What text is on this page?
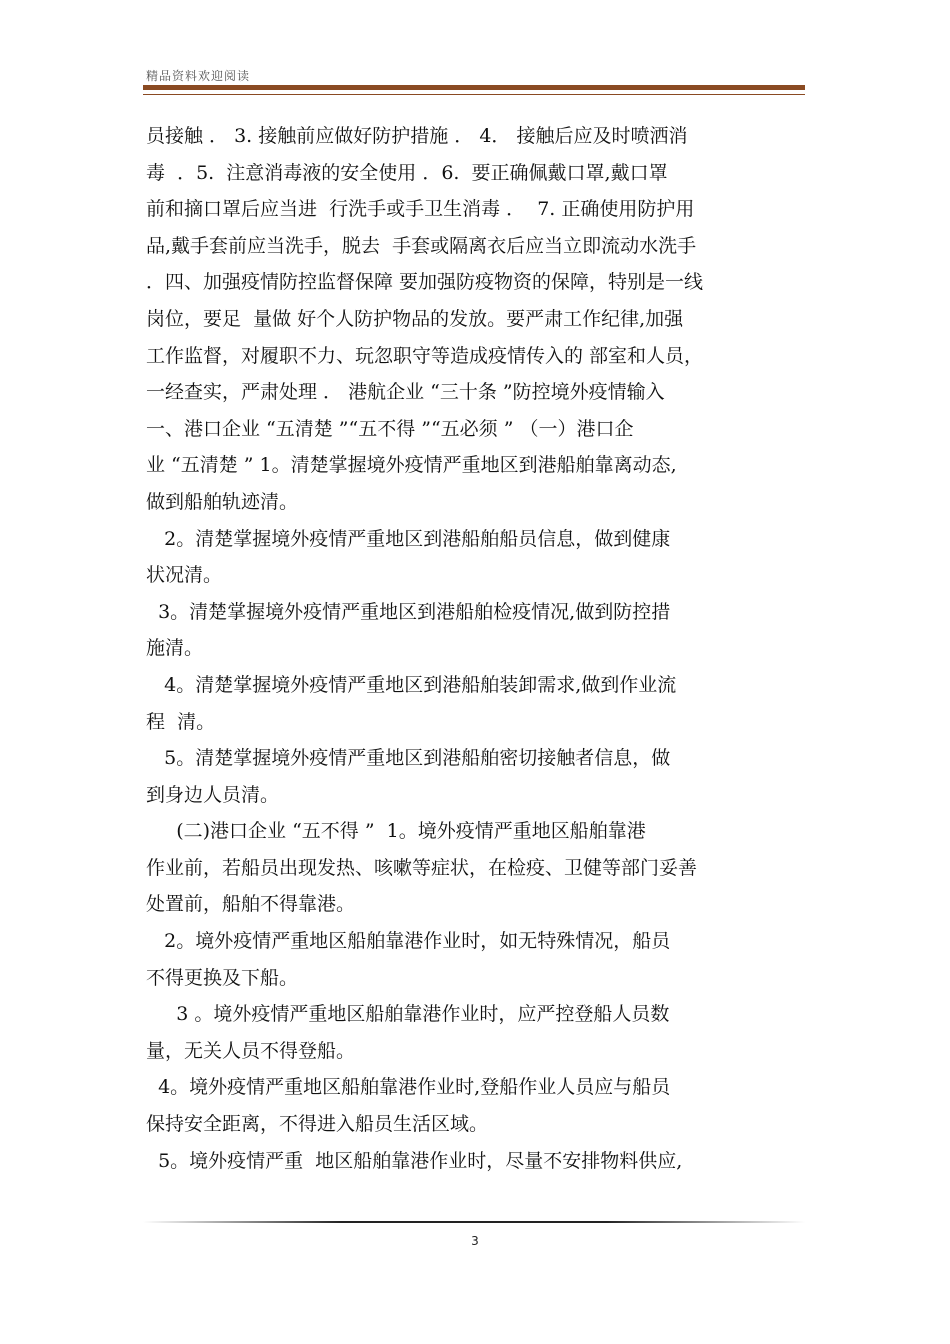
精品资料欢迎阅读

员接触 ． 3. 接触前应做好防护措施 ． 4． 接触后应及时喷洒消

毒  ．5.  注意消毒液的安全使用 ．6.  要正确佩戴口罩,戴口罩

前和摘口罩后应当进  行洗手或手卫生消毒 ．  7. 正确使用防护用

品,戴手套前应当洗手，脱去  手套或隔离衣后应当立即流动水洗手

．四、加强疫情防控监督保障 要加强防疫物资的保障，特别是一线

岗位，要足  量做 好个人防护物品的发放。要严肃工作纪律,加强

工作监督，对履职不力、玩忽职守等造成疫情传入的 部室和人员，

一经查实，严肃处理 ． 港航企业 “三十条 ”防控境外疫情输入

一、港口企业 “五清楚 ”“五不得 ”“五必须 ” （一）港口企

业 “五清楚 ” 1。清楚掌握境外疫情严重地区到港船舶靠离动态,

做到船舶轨迹清。

2。清楚掌握境外疫情严重地区到港船舶船员信息，做到健康

状况清。

3。清楚掌握境外疫情严重地区到港船舶检疫情况,做到防控措

施清。

4。清楚掌握境外疫情严重地区到港船舶装卸需求,做到作业流

程  清。

5。清楚掌握境外疫情严重地区到港船舶密切接触者信息，做

到身边人员清。

(二)港口企业 “五不得 ”  1。境外疫情严重地区船舶靠港

作业前，若船员出现发热、咳嗽等症状，在检疫、卫健等部门妥善

处置前，船舶不得靠港。

2。境外疫情严重地区船舶靠港作业时，如无特殊情况，船员

不得更换及下船。

3 。境外疫情严重地区船舶靠港作业时，应严控登船人员数

量，无关人员不得登船。

4。境外疫情严重地区船舶靠港作业时,登船作业人员应与船员

保持安全距离，不得进入船员生活区域。

5。境外疫情严重  地区船舶靠港作业时，尽量不安排物料供应,

3
